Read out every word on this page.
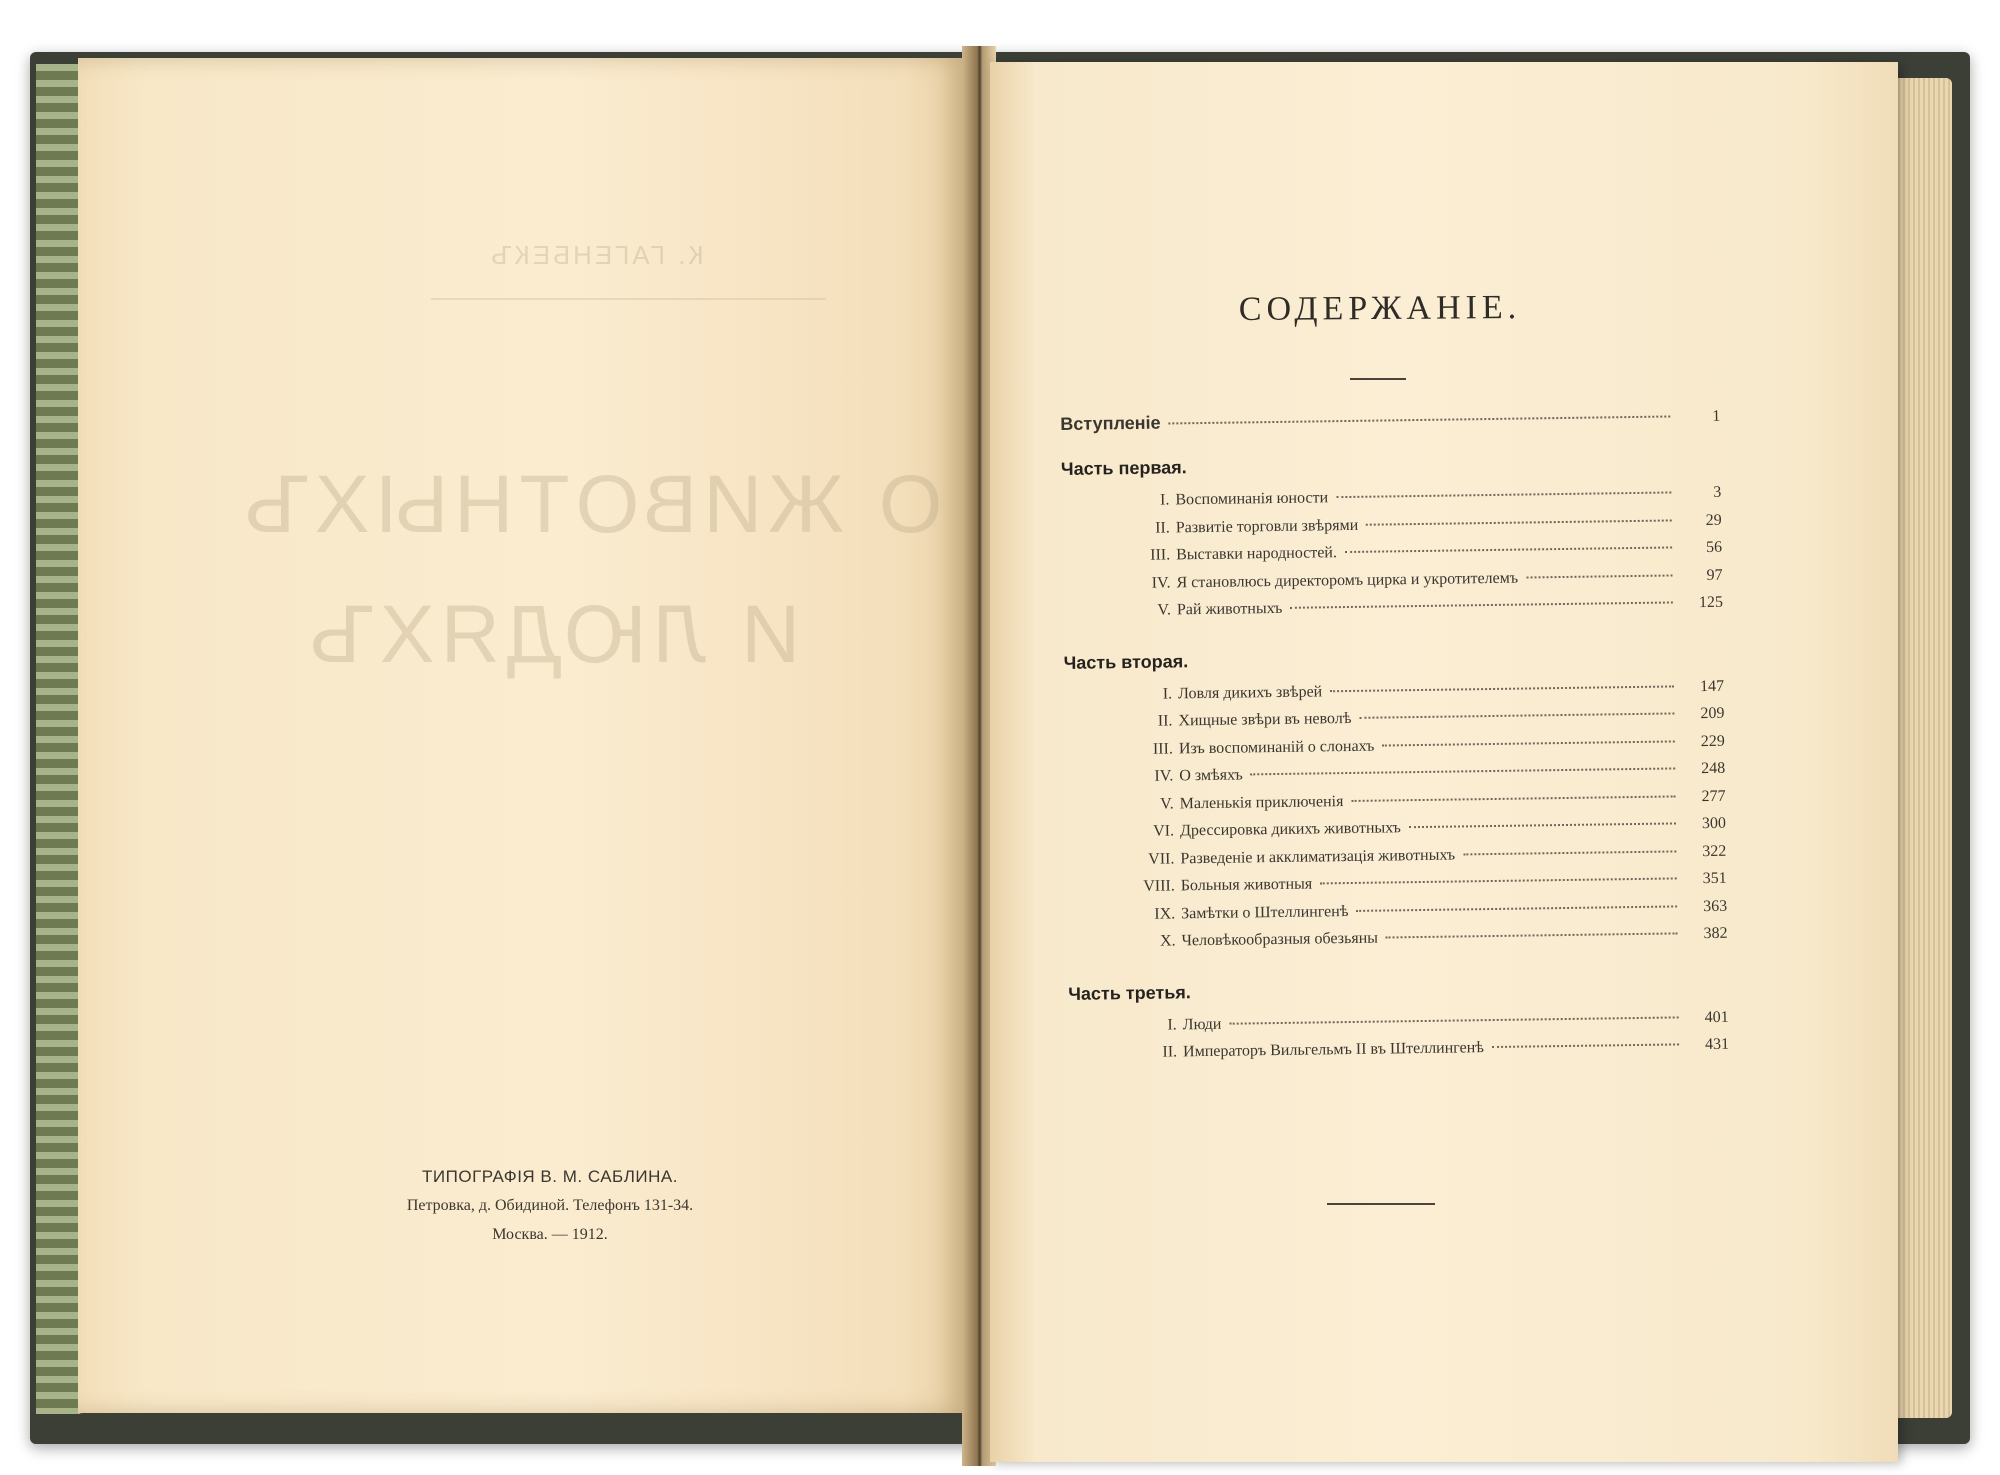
К. ГАГЕНБЕКЪ
О ЖИВОТНЫХЪ
И ЛЮДЯХЪ
ТИПОГРАФІЯ В. М. САБЛИНА.
Петровка, д. Обидиной. Телефонъ 131-34.
Москва. — 1912.
СОДЕРЖАНІЕ.
Вступленіе	1
Часть первая.
I. Воспоминанія юности	3
II. Развитіе торговли звѣрями	29
III. Выставки народностей.	56
IV. Я становлюсь директоромъ цирка и укротителемъ	97
V. Рай животныхъ	125
Часть вторая.
I. Ловля дикихъ звѣрей	147
II. Хищные звѣри въ неволѣ	209
III. Изъ воспоминаній о слонахъ	229
IV. О змѣяхъ	248
V. Маленькія приключенія	277
VI. Дрессировка дикихъ животныхъ	300
VII. Разведеніе и акклиматизація животныхъ	322
VIII. Больныя животныя	351
IX. Замѣтки о Штеллингенѣ	363
X. Человѣкообразныя обезьяны	382
Часть третья.
I. Люди	401
II. Императоръ Вильгельмъ II въ Штеллингенѣ	431
